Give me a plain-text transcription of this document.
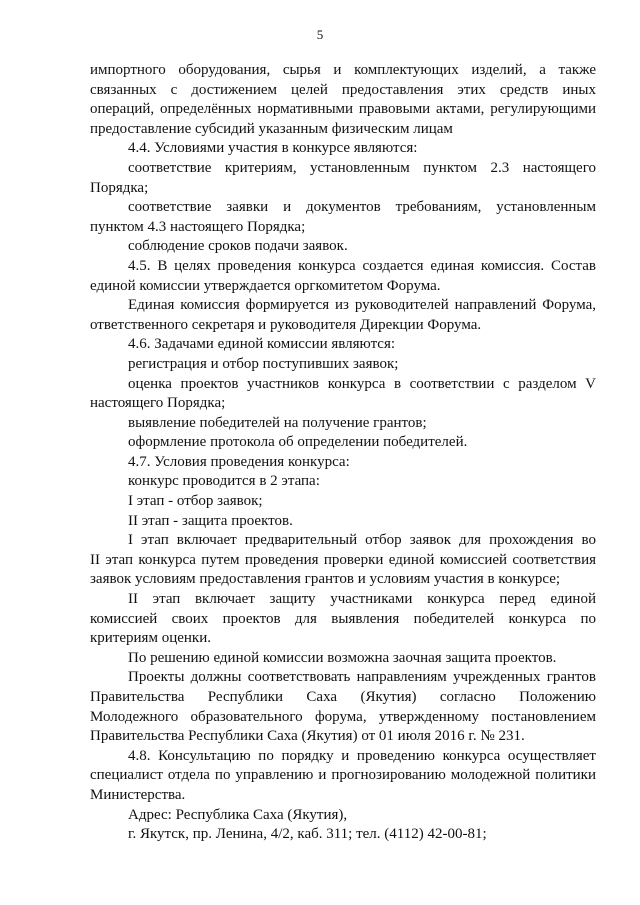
5
импортного оборудования, сырья и комплектующих изделий, а также
связанных с достижением целей предоставления этих средств иных
операций, определённых нормативными правовыми актами, регулирующими
предоставление субсидий указанным физическим лицам
4.4. Условиями участия в конкурсе являются:
соответствие критериям, установленным пунктом 2.3 настоящего
Порядка;
соответствие заявки и документов требованиям, установленным
пунктом 4.3 настоящего Порядка;
соблюдение сроков подачи заявок.
4.5. В целях проведения конкурса создается единая комиссия. Состав
единой комиссии утверждается оргкомитетом Форума.
Единая комиссия формируется из руководителей направлений Форума,
ответственного секретаря и руководителя Дирекции Форума.
4.6. Задачами единой комиссии являются:
регистрация и отбор поступивших заявок;
оценка проектов участников конкурса в соответствии с разделом V
настоящего Порядка;
выявление победителей на получение грантов;
оформление протокола об определении победителей.
4.7. Условия проведения конкурса:
конкурс проводится в 2 этапа:
I этап - отбор заявок;
II этап - защита проектов.
I этап включает предварительный отбор заявок для прохождения во
II этап конкурса путем проведения проверки единой комиссией соответствия
заявок условиям предоставления грантов и условиям участия в конкурсе;
II этап включает защиту участниками конкурса перед единой
комиссией своих проектов для выявления победителей конкурса по
критериям оценки.
По решению единой комиссии возможна заочная защита проектов.
Проекты должны соответствовать направлениям учрежденных грантов
Правительства Республики Саха (Якутия) согласно Положению
Молодежного образовательного форума, утвержденному постановлением
Правительства Республики Саха (Якутия) от 01 июля 2016 г. № 231.
4.8. Консультацию по порядку и проведению конкурса осуществляет
специалист отдела по управлению и прогнозированию молодежной политики
Министерства.
Адрес: Республика Саха (Якутия),
г. Якутск, пр. Ленина, 4/2, каб. 311; тел. (4112) 42-00-81;
